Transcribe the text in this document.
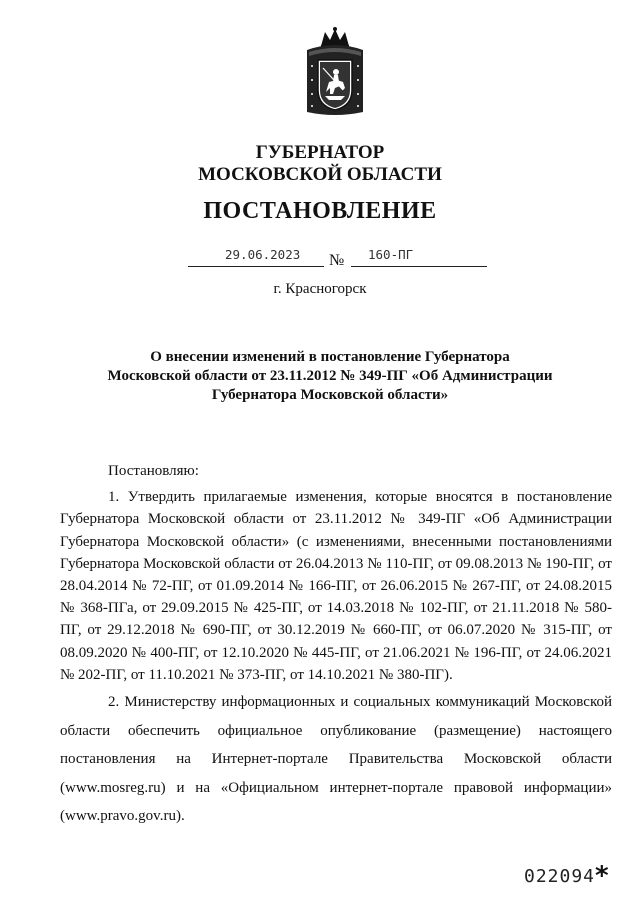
ГУБЕРНАТОР
МОСКОВСКОЙ ОБЛАСТИ
ПОСТАНОВЛЕНИЕ
29.06.2023 № 160-ПГ
г. Красногорск
О внесении изменений в постановление Губернатора
Московской области от 23.11.2012 № 349-ПГ «Об Администрации
Губернатора Московской области»

Постановляю:

1. Утвердить прилагаемые изменения, которые вносятся в постановление Губернатора Московской области от 23.11.2012 № 349-ПГ «Об Администрации Губернатора Московской области» (с изменениями, внесенными постановлениями Губернатора Московской области от 26.04.2013 № 110-ПГ, от 09.08.2013 № 190-ПГ, от 28.04.2014 № 72-ПГ, от 01.09.2014 № 166-ПГ, от 26.06.2015 № 267-ПГ, от 24.08.2015 № 368-ПГа, от 29.09.2015 № 425-ПГ, от 14.03.2018 № 102-ПГ, от 21.11.2018 № 580-ПГ, от 29.12.2018 № 690-ПГ, от 30.12.2019 № 660-ПГ, от 06.07.2020 № 315-ПГ, от 08.09.2020 № 400-ПГ, от 12.10.2020 № 445-ПГ, от 21.06.2021 № 196-ПГ, от 24.06.2021 № 202-ПГ, от 11.10.2021 № 373-ПГ, от 14.10.2021 № 380-ПГ).

2. Министерству информационных и социальных коммуникаций Московской области обеспечить официальное опубликование (размещение) настоящего постановления на Интернет-портале Правительства Московской области (www.mosreg.ru) и на «Официальном интернет-портале правовой информации» (www.pravo.gov.ru).

022094 *
